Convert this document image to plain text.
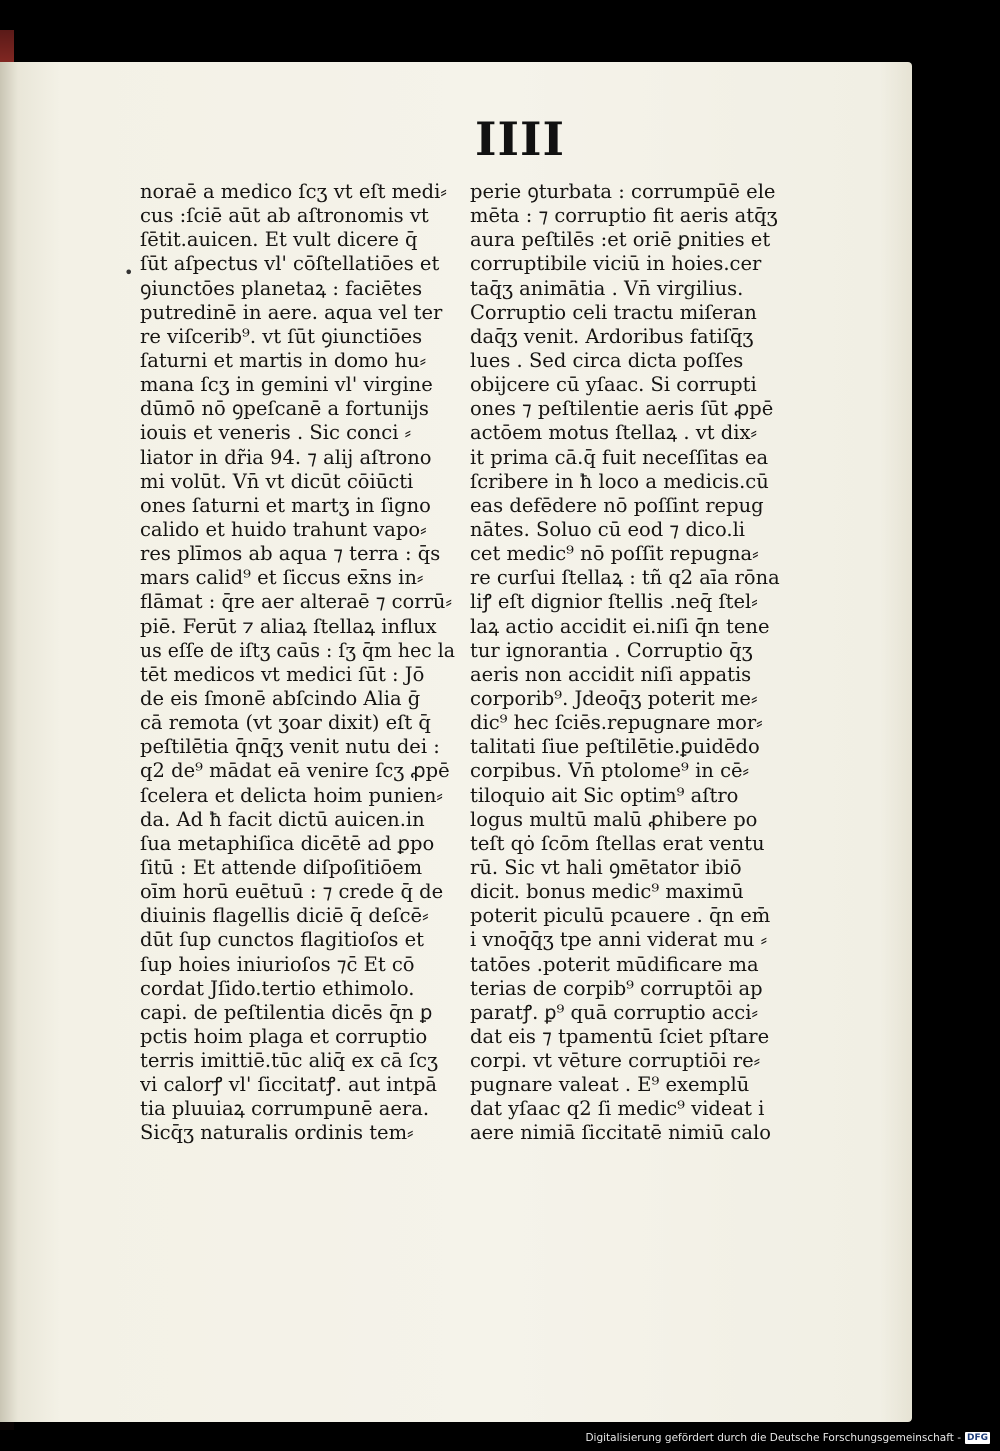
IIII
•
noraē a medico ſcʒ vt eſt medi⸗
cus :ſciē aūt ab aſtronomis vt
ſētit.auicen. Et vult dicere q̄
ſūt aſpectus vl' cōſtellatiōes et
ꝯiunctōes planetaꝝ : faciētes
putredinē in aere. aqua vel ter
re viſcerib⁹. vt ſūt ꝯiunctiōes
ſaturni et martis in domo hu⸗
mana ſcʒ in gemini vl' virgine
dūmō nō ꝯpeſcanē a fortunijs
iouis et veneris . Sic conci ⸗
liator in dr̃ia 94. ⁊ alij aſtrono
mi volūt. Vn̄ vt dicūt cōiūcti
ones ſaturni et martʒ in ſigno
calido et huido trahunt vapo⸗
res plīmos ab aqua ⁊ terra : q̄s
mars calid⁹ et ſiccus ex̄ns in⸗
flāmat : q̄re aer alteraē ⁊ corrū⸗
piē. Ferūt ⁊ aliaꝝ ſtellaꝝ influx
us eſſe de iſtʒ caūs : ſʒ q̄m hec la
tēt medicos vt medici ſūt : Jō
de eis ſmonē abſcindo Alia ḡ
cā remota (vt ʒoar dixit) eſt q̄
peſtilētia q̄nq̄ʒ venit nutu dei :
q2 de⁹ mādat eā venire ſcʒ ꝓpē
ſcelera et delicta hoim punien⸗
da. Ad ħ facit dictū auicen.in
ſua metaphiſica dicētē ad ꝑpo
ſitū : Et attende diſpoſitiōem
oīm horū euētuū : ⁊ crede q̄ de
diuinis flagellis diciē q̄ deſcē⸗
dūt ſup cunctos flagitioſos et
ſup hoies iniurioſos ⁊c̄ Et cō
cordat Jſido.tertio ethimolo.
capi. de peſtilentia dicēs q̄n ꝑ
pctis hoim plaga et corruptio
terris imittiē.tūc aliq̄ ex cā ſcʒ
vi calorꝭ vl' ſiccitatꝭ. aut intpā
tia pluuiaꝝ corrumpunē aera.
Sicq̄ʒ naturalis ordinis tem⸗
perie ꝯturbata : corrumpūē ele
mēta : ⁊ corruptio fit aeris atq̄ʒ
aura peſtilēs :et oriē ꝑnities et
corruptibile viciū in hoies.cer
taq̄ʒ animātia . Vn̄ virgilius.
Corruptio celi tractu miſeran
daq̄ʒ venit. Ardoribus fatiſq̄ʒ
lues . Sed circa dicta poſſes
obijcere cū yſaac. Si corrupti
ones ⁊ peſtilentie aeris ſūt ꝓpē
actōem motus ſtellaꝝ . vt dix⸗
it prima cā.q̄ fuit neceſſitas ea
ſcribere in ħ loco a medicis.cū
eas defēdere nō poſſint repug
nātes. Soluo cū eod ⁊ dico.li
cet medic⁹ nō poſſit repugna⸗
re curſui ſtellaꝝ : tñ q2 aīa rōna
liꝭ eſt dignior ſtellis .neq̄ ſtel⸗
laꝝ actio accidit ei.niſi q̄n tene
tur ignorantia . Corruptio q̄ʒ
aeris non accidit niſi appatis
corporib⁹. Jdeoq̄ʒ poterit me⸗
dic⁹ hec ſciēs.repugnare mor⸗
talitati ſiue peſtilētie.ꝑuidēdo
corpibus. Vn̄ ptolome⁹ in cē⸗
tiloquio ait Sic optim⁹ aſtro
logus multū malū ꝓhibere po
teſt qȯ ſcōm ſtellas erat ventu
rū. Sic vt hali ꝯmētator ibiō
dicit. bonus medic⁹ maximū
poterit piculū pcauere . q̄n em̄
i vnoq̄q̄ʒ tpe anni viderat mu ⸗
tatōes .poterit mūdificare ma
terias de corpib⁹ corruptōi ap
paratꝭ. ꝑ⁹ quā corruptio acci⸗
dat eis ⁊ tpamentū ſciet pſtare
corpi. vt vēture corruptiōi re⸗
pugnare valeat . E⁹ exemplū
dat yſaac q2 ſi medic⁹ videat i
aere nimiā ſiccitatē nimiū calo
Digitalisierung gefördert durch die Deutsche Forschungsgemeinschaft - DFG
